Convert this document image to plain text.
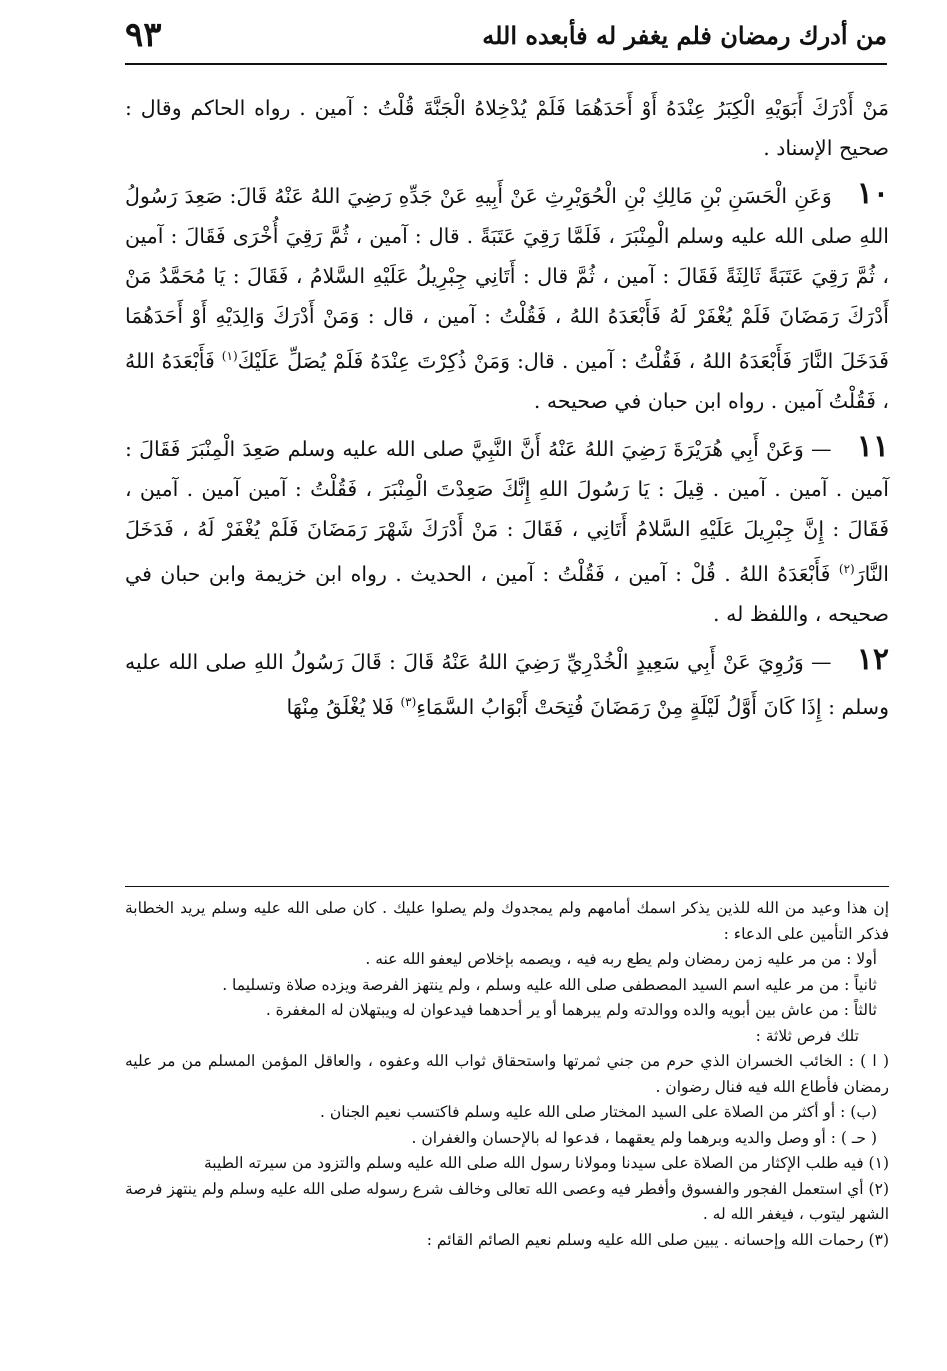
من أدرك رمضان فلم يغفر له فأبعده الله
٩٣

مَنْ أَدْرَكَ أَبَوَيْهِ الْكِبَرُ عِنْدَهُ أَوْ أَحَدَهُمَا فَلَمْ يُدْخِلاهُ الْجَنَّةَ قُلْتُ : آمين . رواه الحاكم وقال : صحيح الإسناد .

١٠ وَعَنِ الْحَسَنِ بْنِ مَالِكِ بْنِ الْحُوَيْرِثِ عَنْ أَبِيهِ عَنْ جَدِّهِ رَضِيَ اللهُ عَنْهُ قَالَ: صَعِدَ رَسُولُ اللهِ صلى الله عليه وسلم الْمِنْبَرَ ، فَلَمَّا رَقِيَ عَتَبَةً . قال : آمين ، ثُمَّ رَقِيَ أُخْرَى فَقَالَ : آمين ، ثُمَّ رَقِيَ عَتَبَةً ثَالِثَةً فَقَالَ : آمين ، ثُمَّ قال : أَتَانِي جِبْرِيلُ عَلَيْهِ السَّلامُ ، فَقَالَ : يَا مُحَمَّدُ مَنْ أَدْرَكَ رَمَضَانَ فَلَمْ يُغْفَرْ لَهُ فَأَبْعَدَهُ اللهُ ، فَقُلْتُ : آمين ، قال : وَمَنْ أَدْرَكَ وَالِدَيْهِ أَوْ أَحَدَهُمَا فَدَخَلَ النَّارَ فَأَبْعَدَهُ اللهُ ، فَقُلْتُ : آمين . قال: وَمَنْ ذُكِرْتَ عِنْدَهُ فَلَمْ يُصَلِّ عَلَيْكَ$^{(١)}$ فَأَبْعَدَهُ اللهُ ، فَقُلْتُ آمين . رواه ابن حبان في صحيحه .

١١ — وَعَنْ أَبِي هُرَيْرَةَ رَضِيَ اللهُ عَنْهُ أَنَّ النَّبِيَّ صلى الله عليه وسلم صَعِدَ الْمِنْبَرَ فَقَالَ : آمين . آمين . آمين . قِيلَ : يَا رَسُولَ اللهِ إِنَّكَ صَعِدْتَ الْمِنْبَرَ ، فَقُلْتُ : آمين آمين . آمين ، فَقَالَ : إِنَّ جِبْرِيلَ عَلَيْهِ السَّلامُ أَتَانِي ، فَقَالَ : مَنْ أَدْرَكَ شَهْرَ رَمَضَانَ فَلَمْ يُغْفَرْ لَهُ ، فَدَخَلَ النَّارَ$^{(٢)}$ فَأَبْعَدَهُ اللهُ . قُلْ : آمين ، فَقُلْتُ : آمين ، الحديث . رواه ابن خزيمة وابن حبان في صحيحه ، واللفظ له .

١٢ — وَرُوِيَ عَنْ أَبِي سَعِيدٍ الْخُدْرِيِّ رَضِيَ اللهُ عَنْهُ قَالَ : قَالَ رَسُولُ اللهِ صلى الله عليه وسلم : إِذَا كَانَ أَوَّلُ لَيْلَةٍ مِنْ رَمَضَانَ فُتِحَتْ أَبْوَابُ السَّمَاءِ$^{(٣)}$ فَلا يُغْلَقُ مِنْهَا

إن هذا وعيد من الله للذين يذكر اسمك أمامهم ولم يمجدوك ولم يصلوا عليك . كان صلى الله عليه وسلم يريد الخطابة فذكر التأمين على الدعاء :

أولا : من مر عليه زمن رمضان ولم يطع ربه فيه ، ويصمه بإخلاص ليعفو الله عنه .

ثانياً : من مر عليه اسم السيد المصطفى صلى الله عليه وسلم ، ولم ينتهز الفرصة ويزده صلاة وتسليما .

ثالثاً : من عاش بين أبويه والده ووالدته ولم يبرهما أو ير أحدهما فيدعوان له ويبتهلان له المغفرة .

تلك فرص ثلاثة :

( ا ) : الخائب الخسران الذي حرم من جني ثمرتها واستحقاق ثواب الله وعفوه ، والعاقل المؤمن المسلم من مر عليه رمضان فأطاع الله فيه فنال رضوان .

(ب) : أو أكثر من الصلاة على السيد المختار صلى الله عليه وسلم فاكتسب نعيم الجنان .

( حـ ) : أو وصل والديه وبرهما ولم يعقهما ، فدعوا له بالإحسان والغفران .

(١) فيه طلب الإكثار من الصلاة على سيدنا ومولانا رسول الله صلى الله عليه وسلم والتزود من سيرته الطيبة

(٢) أي استعمل الفجور والفسوق وأفطر فيه وعصى الله تعالى وخالف شرع رسوله صلى الله عليه وسلم ولم ينتهز فرصة الشهر ليتوب ، فيغفر الله له .

(٣) رحمات الله وإحسانه . يبين صلى الله عليه وسلم نعيم الصائم القائم :
